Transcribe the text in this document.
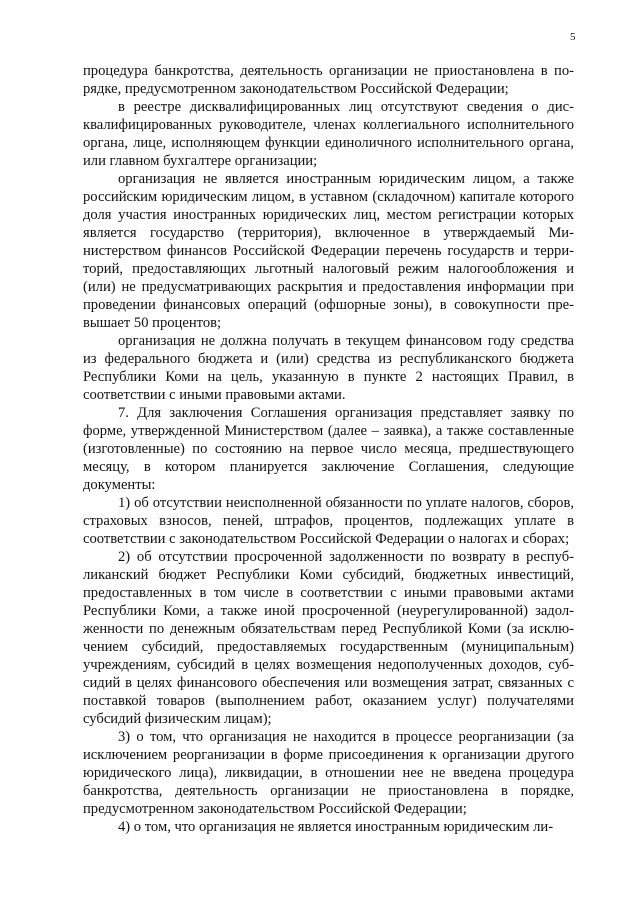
5

процедура банкротства, деятельность организации не приостановлена в порядке, предусмотренном законодательством Российской Федерации;

в реестре дисквалифицированных лиц отсутствуют сведения о дисквалифицированных руководителе, членах коллегиального исполнительного органа, лице, исполняющем функции единоличного исполнительного органа, или главном бухгалтере организации;

организация не является иностранным юридическим лицом, а также российским юридическим лицом, в уставном (складочном) капитале которого доля участия иностранных юридических лиц, местом регистрации которых является государство (территория), включенное в утверждаемый Министерством финансов Российской Федерации перечень государств и территорий, предоставляющих льготный налоговый режим налогообложения и (или) не предусматривающих раскрытия и предоставления информации при проведении финансовых операций (офшорные зоны), в совокупности превышает 50 процентов;

организация не должна получать в текущем финансовом году средства из федерального бюджета и (или) средства из республиканского бюджета Республики Коми на цель, указанную в пункте 2 настоящих Правил, в соответствии с иными правовыми актами.

7. Для заключения Соглашения организация представляет заявку по форме, утвержденной Министерством (далее – заявка), а также составленные (изготовленные) по состоянию на первое число месяца, предшествующего месяцу, в котором планируется заключение Соглашения, следующие документы:

1) об отсутствии неисполненной обязанности по уплате налогов, сборов, страховых взносов, пеней, штрафов, процентов, подлежащих уплате в соответствии с законодательством Российской Федерации о налогах и сборах;

2) об отсутствии просроченной задолженности по возврату в республиканский бюджет Республики Коми субсидий, бюджетных инвестиций, предоставленных в том числе в соответствии с иными правовыми актами Республики Коми, а также иной просроченной (неурегулированной) задолженности по денежным обязательствам перед Республикой Коми (за исключением субсидий, предоставляемых государственным (муниципальным) учреждениям, субсидий в целях возмещения недополученных доходов, субсидий в целях финансового обеспечения или возмещения затрат, связанных с поставкой товаров (выполнением работ, оказанием услуг) получателями субсидий физическим лицам);

3) о том, что организация не находится в процессе реорганизации (за исключением реорганизации в форме присоединения к организации другого юридического лица), ликвидации, в отношении нее не введена процедура банкротства, деятельность организации не приостановлена в порядке, предусмотренном законодательством Российской Федерации;

4) о том, что организация не является иностранным юридическим ли-
